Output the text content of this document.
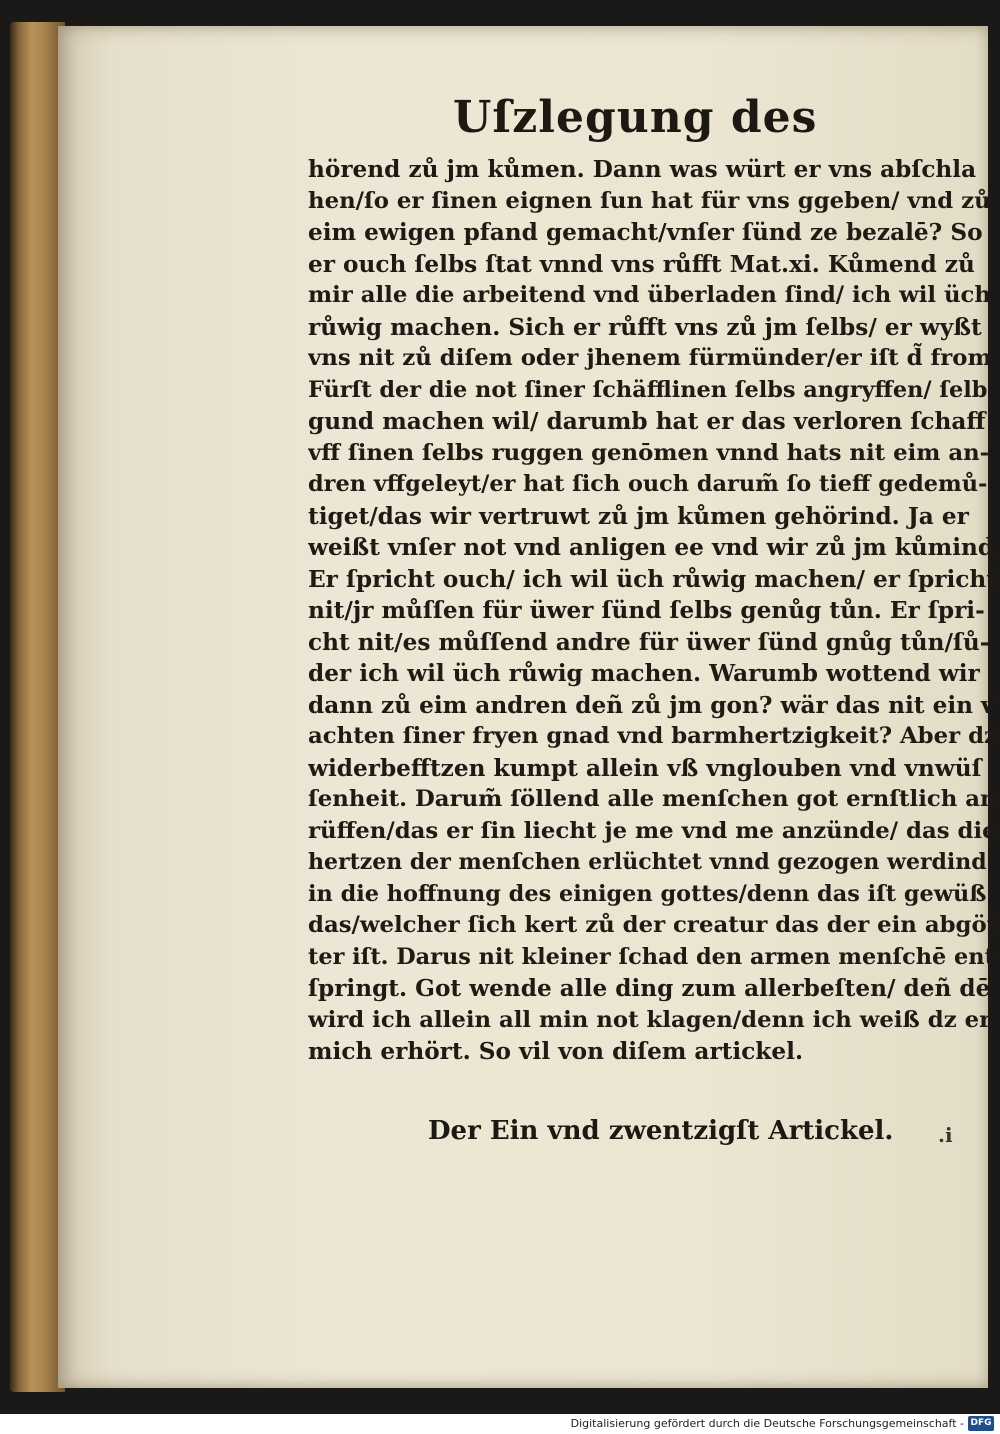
Uſzlegung des
hörend zů jm kůmen. Dann was würt er vns abſchla
hen/ſo er ſinen eignen ſun hat für vns ggeben/ vnd zů
eim ewigen pfand gemacht/vnſer ſünd ze bezalē? So
er ouch ſelbs ſtat vnnd vns růfft Mat.xi. Kůmend zů
mir alle die arbeitend vnd überladen ſind/ ich wil üch
růwig machen. Sich er růfft vns zů jm ſelbs/ er wyßt
vns nit zů diſem oder jhenem fürmünder/er iſt d̃ from
Fürſt der die not ſiner ſchäfflinen ſelbs angryffen/ ſelb
gund machen wil/ darumb hat er das verloren ſchaff
vff ſinen ſelbs ruggen genōmen vnnd hats nit eim an-
dren vffgeleyt/er hat ſich ouch darum̃ ſo tieff gedemů-
tiget/das wir vertruwt zů jm kůmen gehörind. Ja er
weißt vnſer not vnd anligen ee vnd wir zů jm kůmind
Er ſpricht ouch/ ich wil üch růwig machen/ er ſpricht
nit/jr můſſen für üwer ſünd ſelbs genůg tůn. Er ſpri-
cht nit/es můſſend andre für üwer ſünd gnůg tůn/ſů-
der ich wil üch růwig machen. Warumb wottend wir
dann zů eim andren deñ zů jm gon? wär das nit ein v
achten ſiner fryen gnad vnd barmhertzigkeit? Aber dz
widerbefftzen kumpt allein vß vnglouben vnd vnwüſ
ſenheit. Darum̃ ſöllend alle menſchen got ernſtlich an
rüffen/das er ſin liecht je me vnd me anzünde/ das die
hertzen der menſchen erlüchtet vnnd gezogen werdind
in die hoffnung des einigen gottes/denn das iſt gewüß
das/welcher ſich kert zů der creatur das der ein abgöt
ter iſt. Darus nit kleiner ſchad den armen menſchē ent
ſpringt. Got wende alle ding zum allerbeſten/ deñ dē
wird ich allein all min not klagen/denn ich weiß dz er
mich erhört. So vil von diſem artickel.
Der Ein vnd zwentzigſt Artickel. .i
Digitalisierung gefördert durch die Deutsche Forschungsgemeinschaft - DFG
